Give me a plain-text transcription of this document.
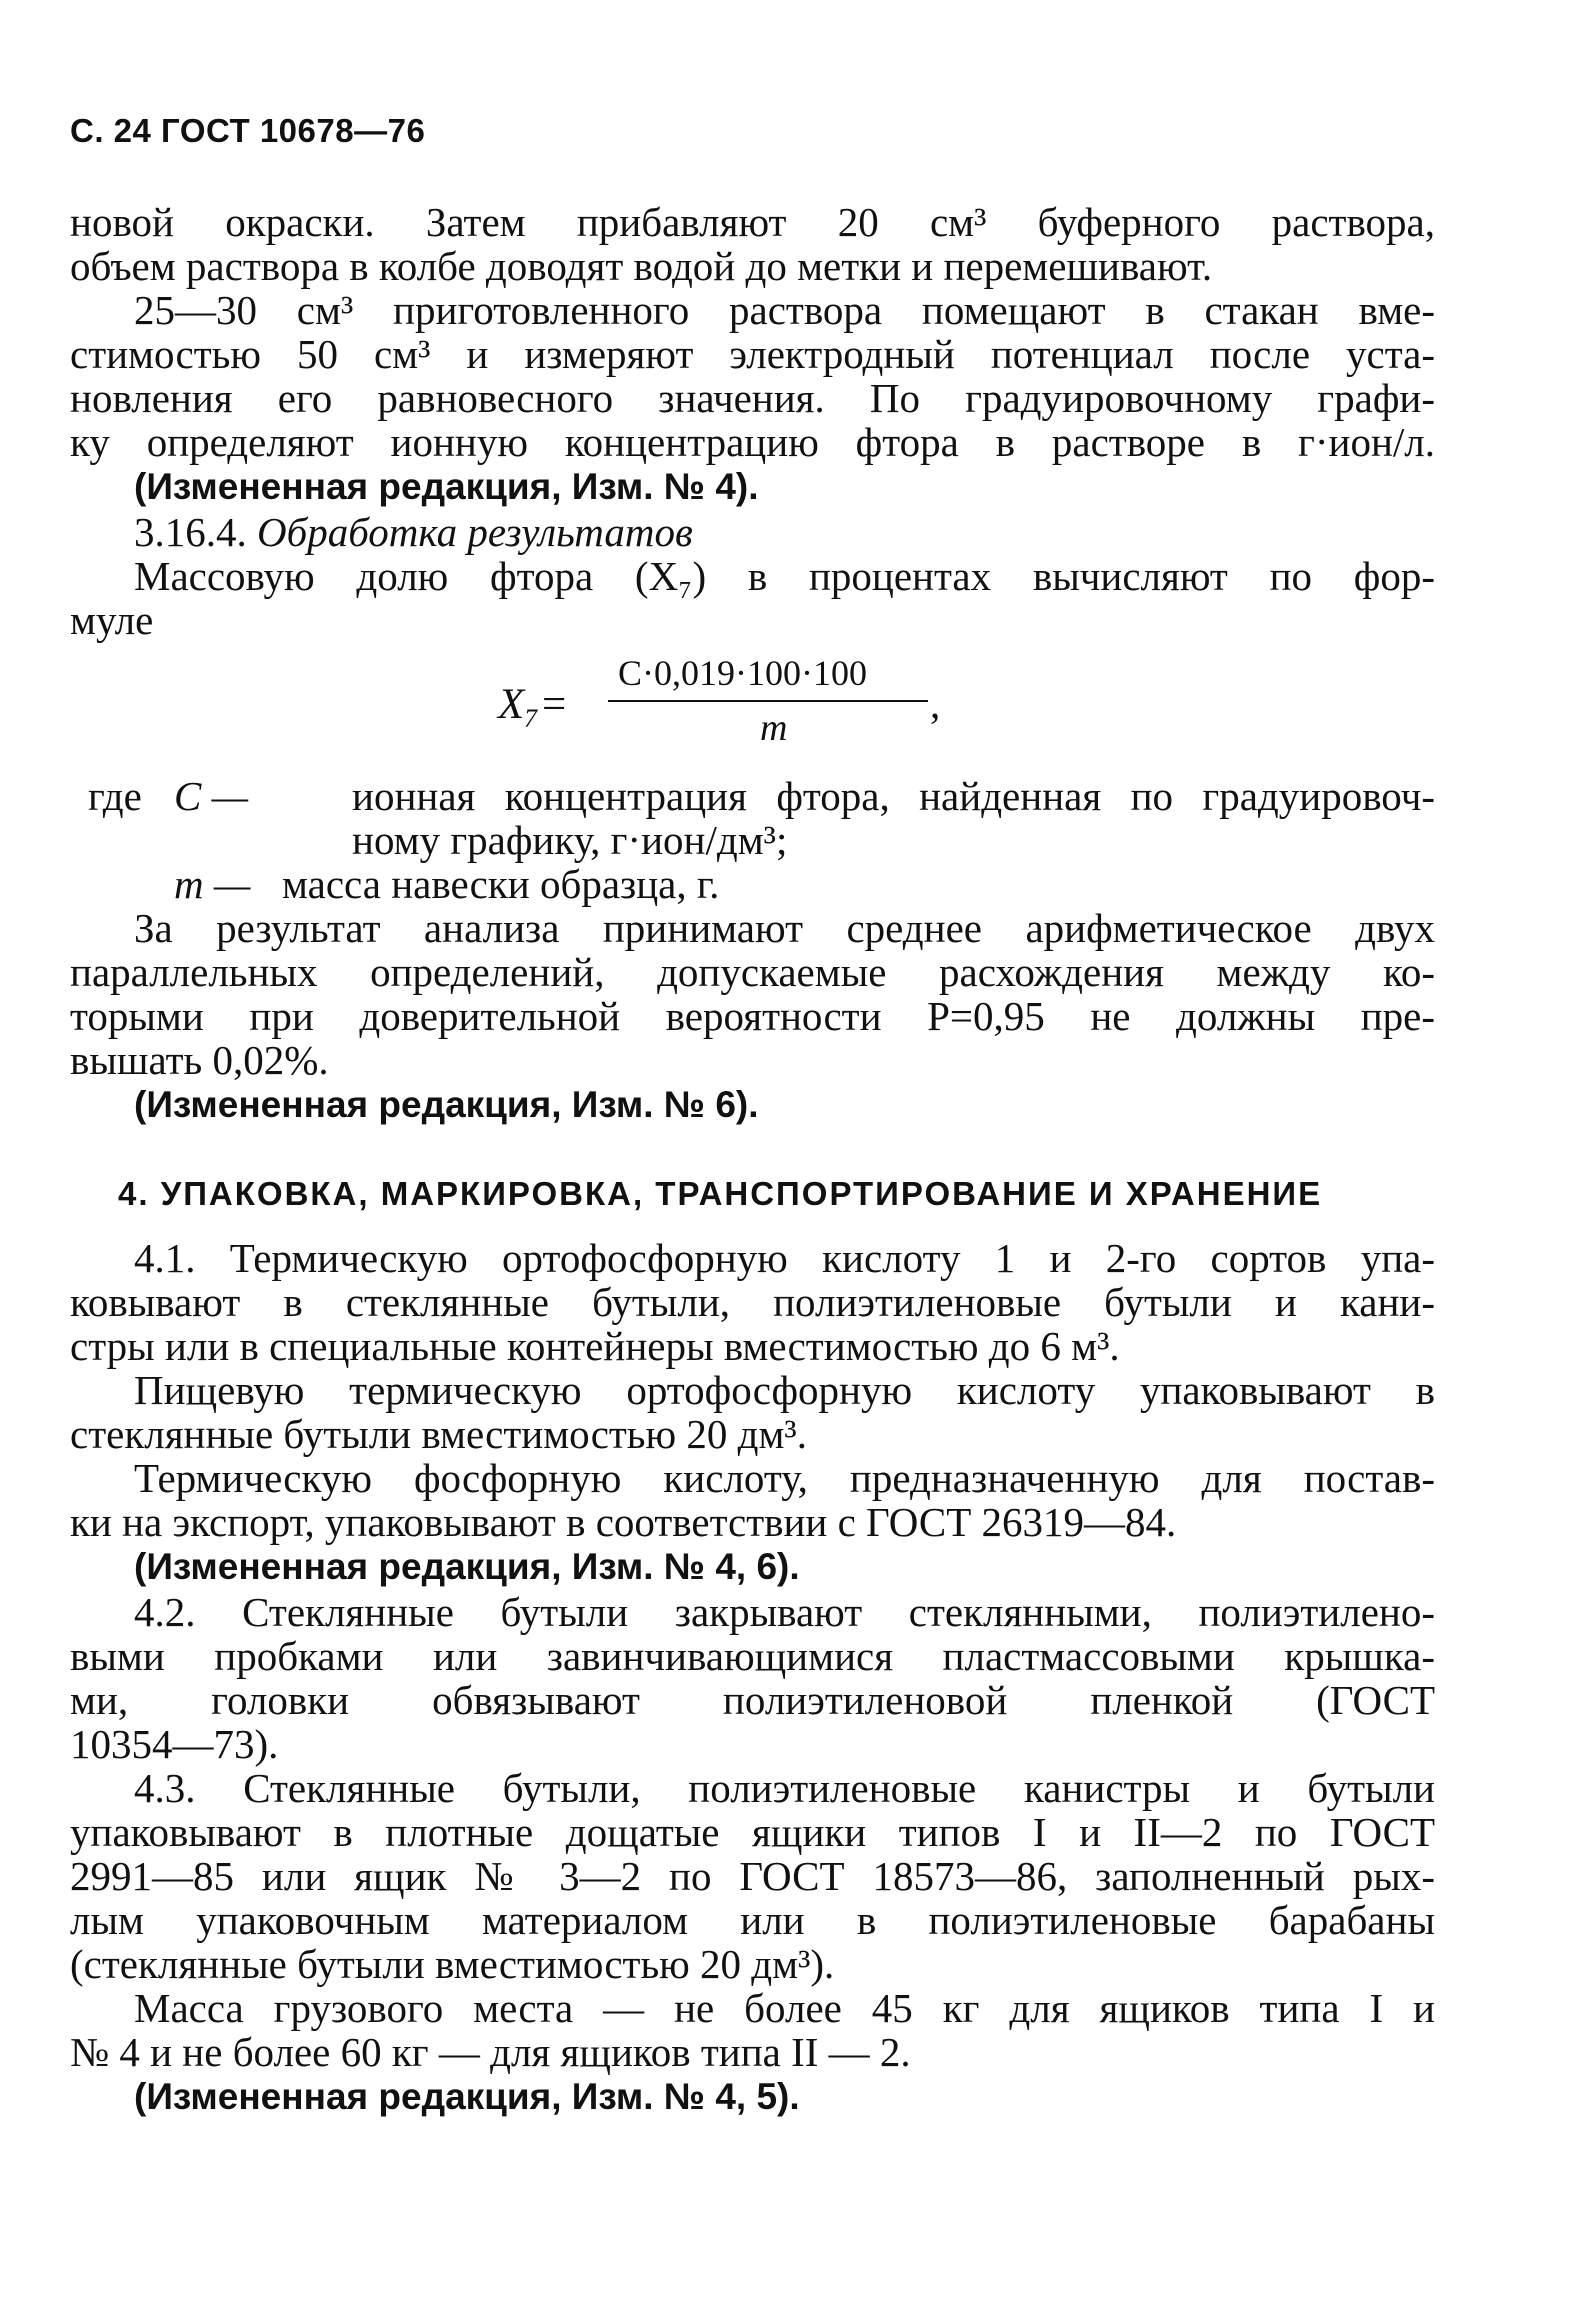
С. 24 ГОСТ 10678—76
новой окраски. Затем прибавляют 20 см³ буферного раствора,
объем раствора в колбе доводят водой до метки и перемешивают.
25—30 см³ приготовленного раствора помещают в стакан вме-
стимостью 50 см³ и измеряют электродный потенциал после уста-
новления его равновесного значения. По градуировочному графи-
ку определяют ионную концентрацию фтора в растворе в г·ион/л.
(Измененная редакция, Изм. № 4).
3.16.4. Обработка результатов
Массовую долю фтора (X₇) в процентах вычисляют по фор-
муле
X₇=
C·0,019·100·100
m
,
где C —	ионная концентрация фтора, найденная по градуировоч-
ному графику, г·ион/дм³;
m — масса навески образца, г.
За результат анализа принимают среднее арифметическое двух
параллельных определений, допускаемые расхождения между ко-
торыми при доверительной вероятности P=0,95 не должны пре-
вышать 0,02%.
(Измененная редакция, Изм. № 6).
4. УПАКОВКА, МАРКИРОВКА, ТРАНСПОРТИРОВАНИЕ И ХРАНЕНИЕ
4.1. Термическую ортофосфорную кислоту 1 и 2-го сортов упа-
ковывают в стеклянные бутыли, полиэтиленовые бутыли и кани-
стры или в специальные контейнеры вместимостью до 6 м³.
Пищевую термическую ортофосфорную кислоту упаковывают в
стеклянные бутыли вместимостью 20 дм³.
Термическую фосфорную кислоту, предназначенную для постав-
ки на экспорт, упаковывают в соответствии с ГОСТ 26319—84.
(Измененная редакция, Изм. № 4, 6).
4.2. Стеклянные бутыли закрывают стеклянными, полиэтилено-
выми пробками или завинчивающимися пластмассовыми крышка-
ми, головки обвязывают полиэтиленовой пленкой (ГОСТ
10354—73).
4.3. Стеклянные бутыли, полиэтиленовые канистры и бутыли
упаковывают в плотные дощатые ящики типов I и II—2 по ГОСТ
2991—85 или ящик № 3—2 по ГОСТ 18573—86, заполненный рых-
лым упаковочным материалом или в полиэтиленовые барабаны
(стеклянные бутыли вместимостью 20 дм³).
Масса грузового места — не более 45 кг для ящиков типа I и
№ 4 и не более 60 кг — для ящиков типа II — 2.
(Измененная редакция, Изм. № 4, 5).
